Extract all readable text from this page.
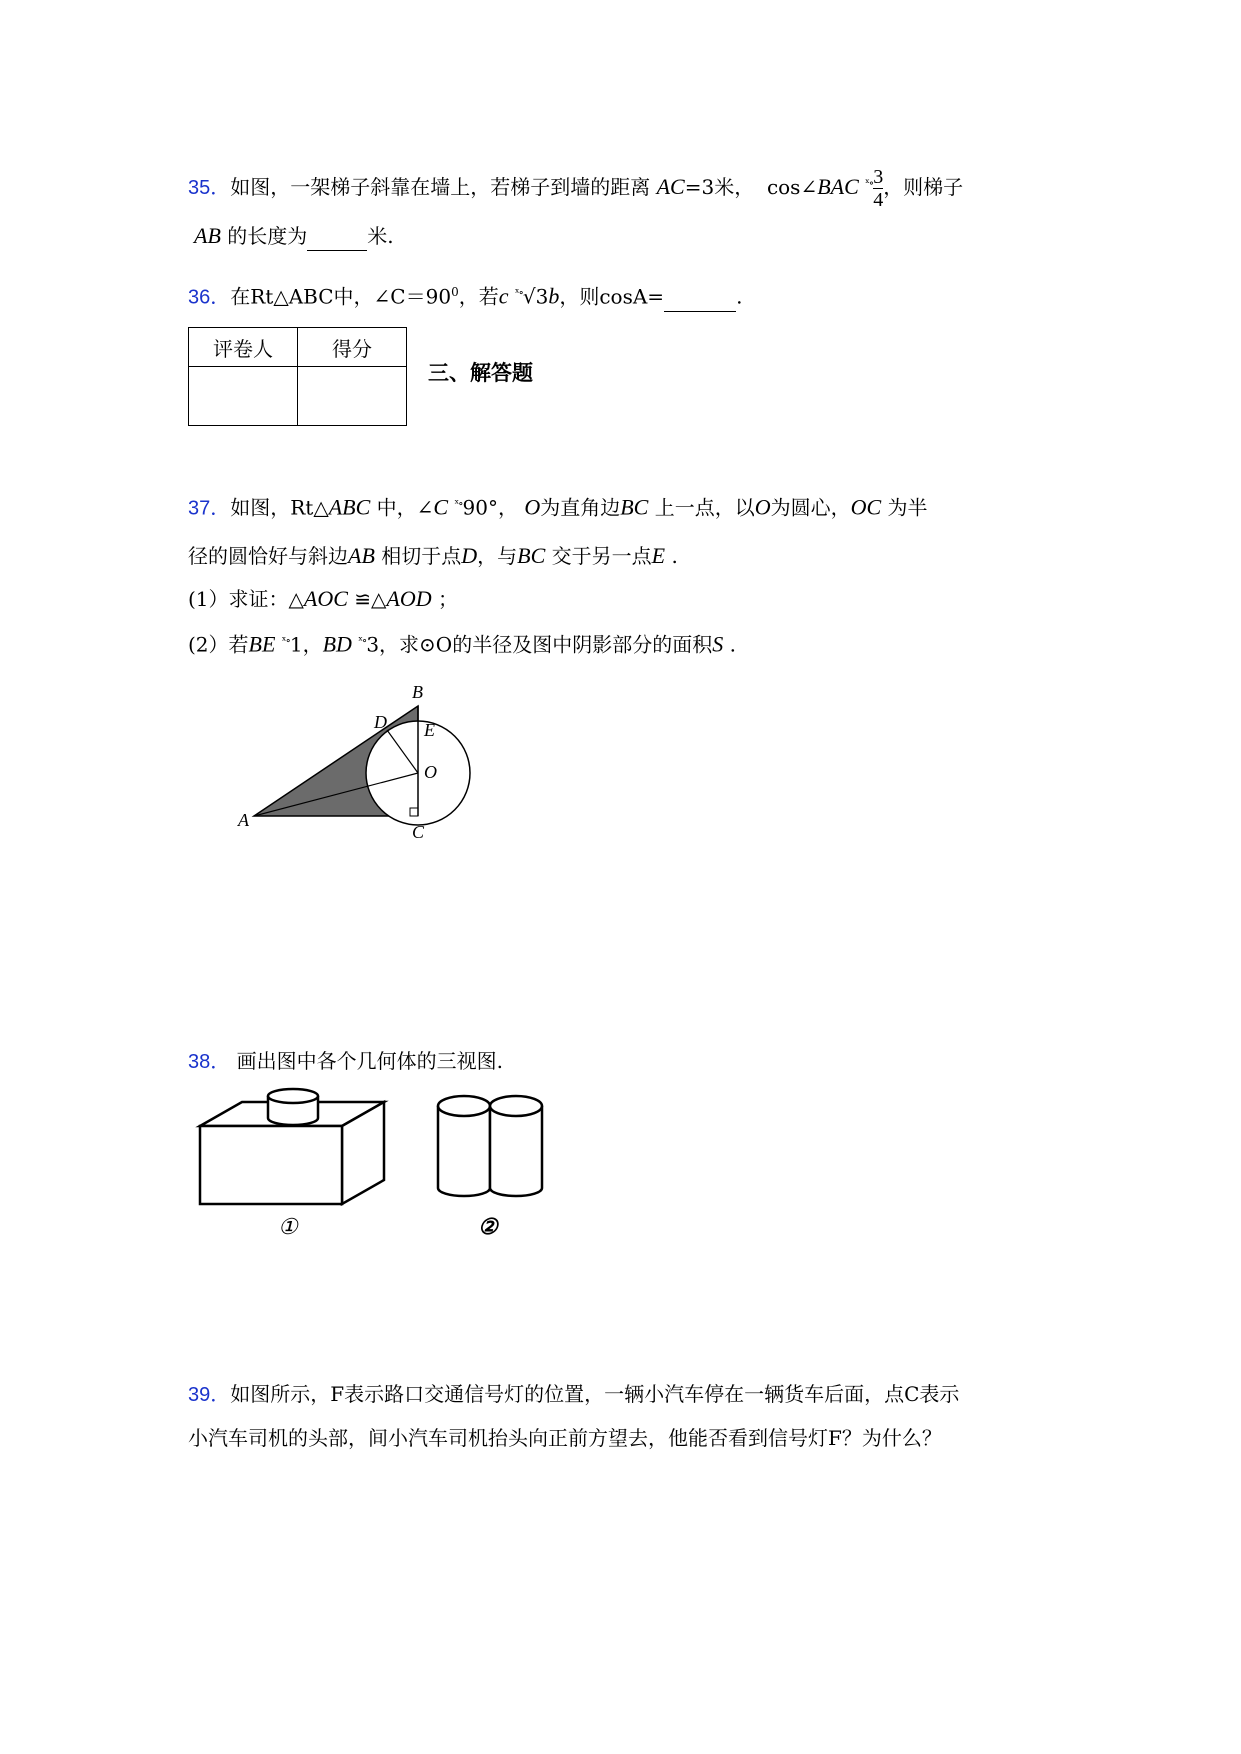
35．如图，一架梯子斜靠在墙上，若梯子到墙的距离 AC=3米， cos∠BAC $^{ˣ\circ} \frac{3}{4}$ ，则梯子
AB 的长度为	米.
36．在Rt△ABC中，$\angle C=90^0$，若c $^{ˣ\circ}$√3b，则cosA=	.
评卷人	得分

三、解答题
37．如图，Rt△ABC 中，∠C $^{ˣ\circ}$90°， O为直角边BC 上一点，以O为圆心，OC 为半
径的圆恰好与斜边AB 相切于点D，与BC 交于另一点E .
(1）求证：△AOC ≌△AOD ；
(2）若BE $^{ˣ\circ}$1，BD $^{ˣ\circ}$3，求⊙O的半径及图中阴影部分的面积S .
A
B
C
D E
O
38． 画出图中各个几何体的三视图.
①	②
39．如图所示，F表示路口交通信号灯的位置，一辆小汽车停在一辆货车后面，点C表示
小汽车司机的头部，间小汽车司机抬头向正前方望去，他能否看到信号灯F？为什么？
